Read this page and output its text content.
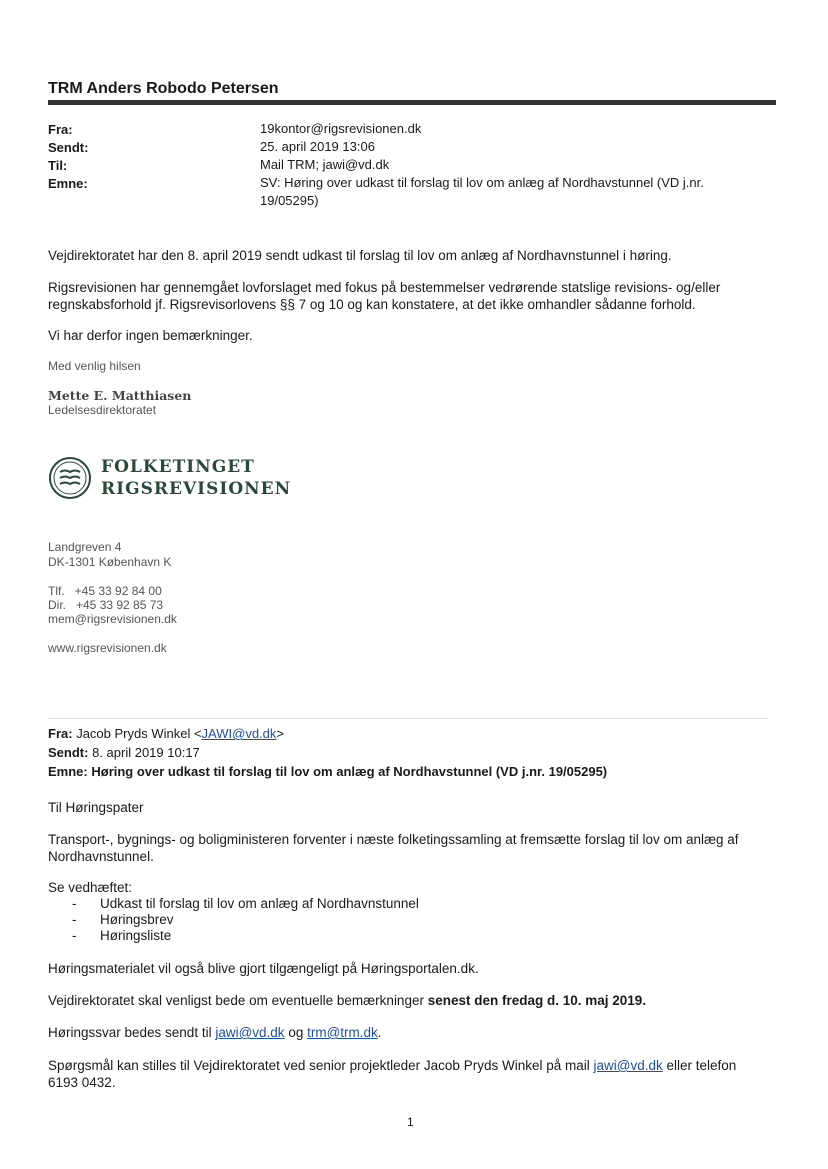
TRM Anders Robodo Petersen
Fra:	19kontor@rigsrevisionen.dk
Sendt:	25. april 2019 13:06
Til:	Mail TRM; jawi@vd.dk
Emne:	SV: Høring over udkast til forslag til lov om anlæg af Nordhavstunnel (VD j.nr. 19/05295)
Vejdirektoratet har den 8. april 2019 sendt udkast til forslag til lov om anlæg af Nordhavnstunnel i høring.
Rigsrevisionen har gennemgået lovforslaget med fokus på bestemmelser vedrørende statslige revisions- og/eller regnskabsforhold jf. Rigsrevisorlovens §§ 7 og 10 og kan konstatere, at det ikke omhandler sådanne forhold.
Vi har derfor ingen bemærkninger.
Med venlig hilsen
Mette E. Matthiasen
Ledelsesdirektoratet
FOLKETINGET
RIGSREVISIONEN
Landgreven 4
DK-1301 København K
Tlf.   +45 33 92 84 00
Dir.   +45 33 92 85 73
mem@rigsrevisionen.dk
www.rigsrevisionen.dk
Fra: Jacob Pryds Winkel <JAWI@vd.dk>
Sendt: 8. april 2019 10:17
Emne: Høring over udkast til forslag til lov om anlæg af Nordhavstunnel (VD j.nr. 19/05295)
Til Høringspater
Transport-, bygnings- og boligministeren forventer i næste folketingssamling at fremsætte forslag til lov om anlæg af Nordhavnstunnel.
Se vedhæftet:
-	Udkast til forslag til lov om anlæg af Nordhavnstunnel
-	Høringsbrev
-	Høringsliste
Høringsmaterialet vil også blive gjort tilgængeligt på Høringsportalen.dk.
Vejdirektoratet skal venligst bede om eventuelle bemærkninger senest den fredag d. 10. maj 2019.
Høringssvar bedes sendt til jawi@vd.dk og trm@trm.dk.
Spørgsmål kan stilles til Vejdirektoratet ved senior projektleder Jacob Pryds Winkel på mail jawi@vd.dk eller telefon 6193 0432.
1
